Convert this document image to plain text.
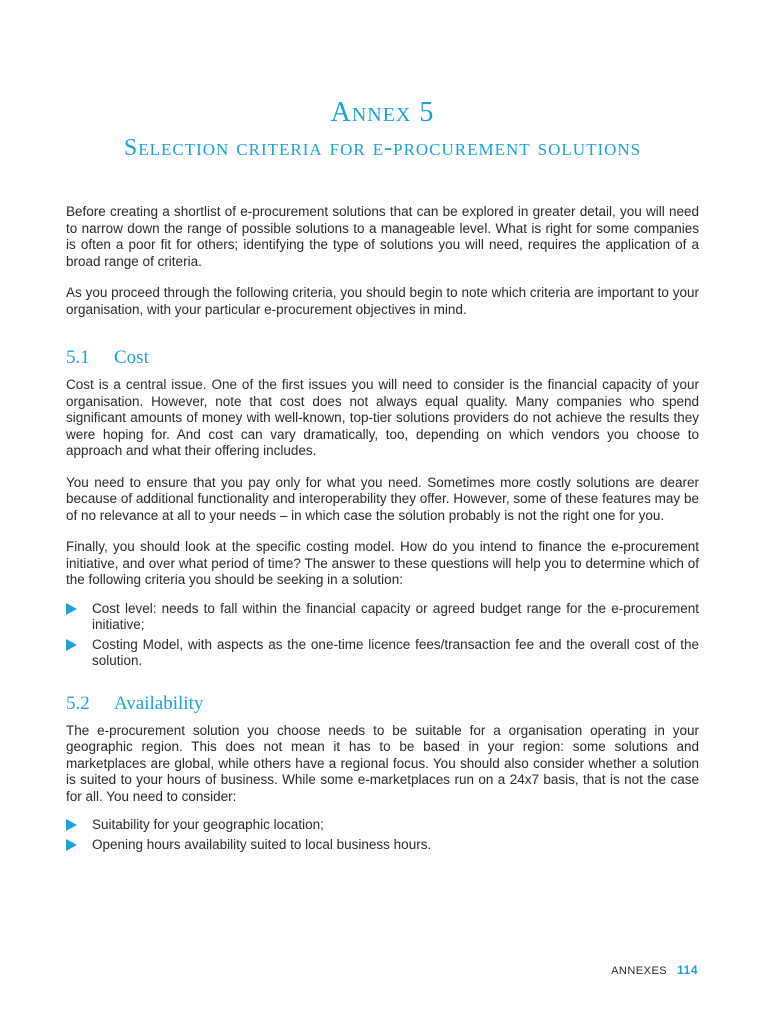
Annex 5
Selection criteria for e-procurement solutions

Before creating a shortlist of e-procurement solutions that can be explored in greater detail, you will need to narrow down the range of possible solutions to a manageable level. What is right for some companies is often a poor fit for others; identifying the type of solutions you will need, requires the application of a broad range of criteria.

As you proceed through the following criteria, you should begin to note which criteria are important to your organisation, with your particular e-procurement objectives in mind.

5.1 Cost

Cost is a central issue. One of the first issues you will need to consider is the financial capacity of your organisation. However, note that cost does not always equal quality. Many companies who spend significant amounts of money with well-known, top-tier solutions providers do not achieve the results they were hoping for. And cost can vary dramatically, too, depending on which vendors you choose to approach and what their offering includes.

You need to ensure that you pay only for what you need. Sometimes more costly solutions are dearer because of additional functionality and interoperability they offer. However, some of these features may be of no relevance at all to your needs – in which case the solution probably is not the right one for you.

Finally, you should look at the specific costing model. How do you intend to finance the e-procurement initiative, and over what period of time? The answer to these questions will help you to determine which of the following criteria you should be seeking in a solution:

Cost level: needs to fall within the financial capacity or agreed budget range for the e-procurement initiative;
Costing Model, with aspects as the one-time licence fees/transaction fee and the overall cost of the solution.
5.2 Availability

The e-procurement solution you choose needs to be suitable for a organisation operating in your geographic region. This does not mean it has to be based in your region: some solutions and marketplaces are global, while others have a regional focus. You should also consider whether a solution is suited to your hours of business. While some e-marketplaces run on a 24x7 basis, that is not the case for all. You need to consider:

Suitability for your geographic location;
Opening hours availability suited to local business hours.
ANNEXES 114
